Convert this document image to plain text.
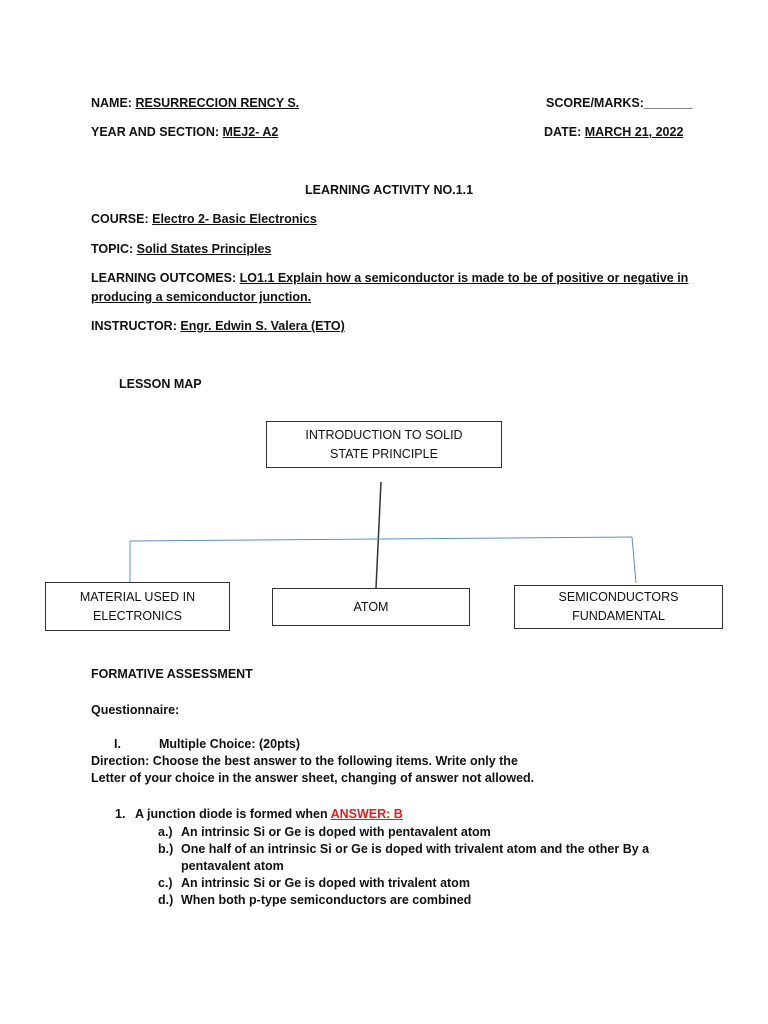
NAME: RESURRECCION RENCY S.	SCORE/MARKS:_______
YEAR AND SECTION: MEJ2- A2	DATE: MARCH 21, 2022
LEARNING ACTIVITY NO.1.1
COURSE: Electro 2- Basic Electronics
TOPIC: Solid States Principles
LEARNING OUTCOMES: LO1.1 Explain how a semiconductor is made to be of positive or negative in
producing a semiconductor junction.
INSTRUCTOR: Engr. Edwin S. Valera (ETO)
LESSON MAP
INTRODUCTION TO SOLID STATE PRINCIPLE
MATERIAL USED IN ELECTRONICS
ATOM
SEMICONDUCTORS FUNDAMENTAL
FORMATIVE ASSESSMENT
Questionnaire:
I.	Multiple Choice: (20pts)
Direction: Choose the best answer to the following items. Write only the
Letter of your choice in the answer sheet, changing of answer not allowed.
1. A junction diode is formed when ANSWER: B
a.) An intrinsic Si or Ge is doped with pentavalent atom
b.) One half of an intrinsic Si or Ge is doped with trivalent atom and the other By a
pentavalent atom
c.) An intrinsic Si or Ge is doped with trivalent atom
d.) When both p-type semiconductors are combined
